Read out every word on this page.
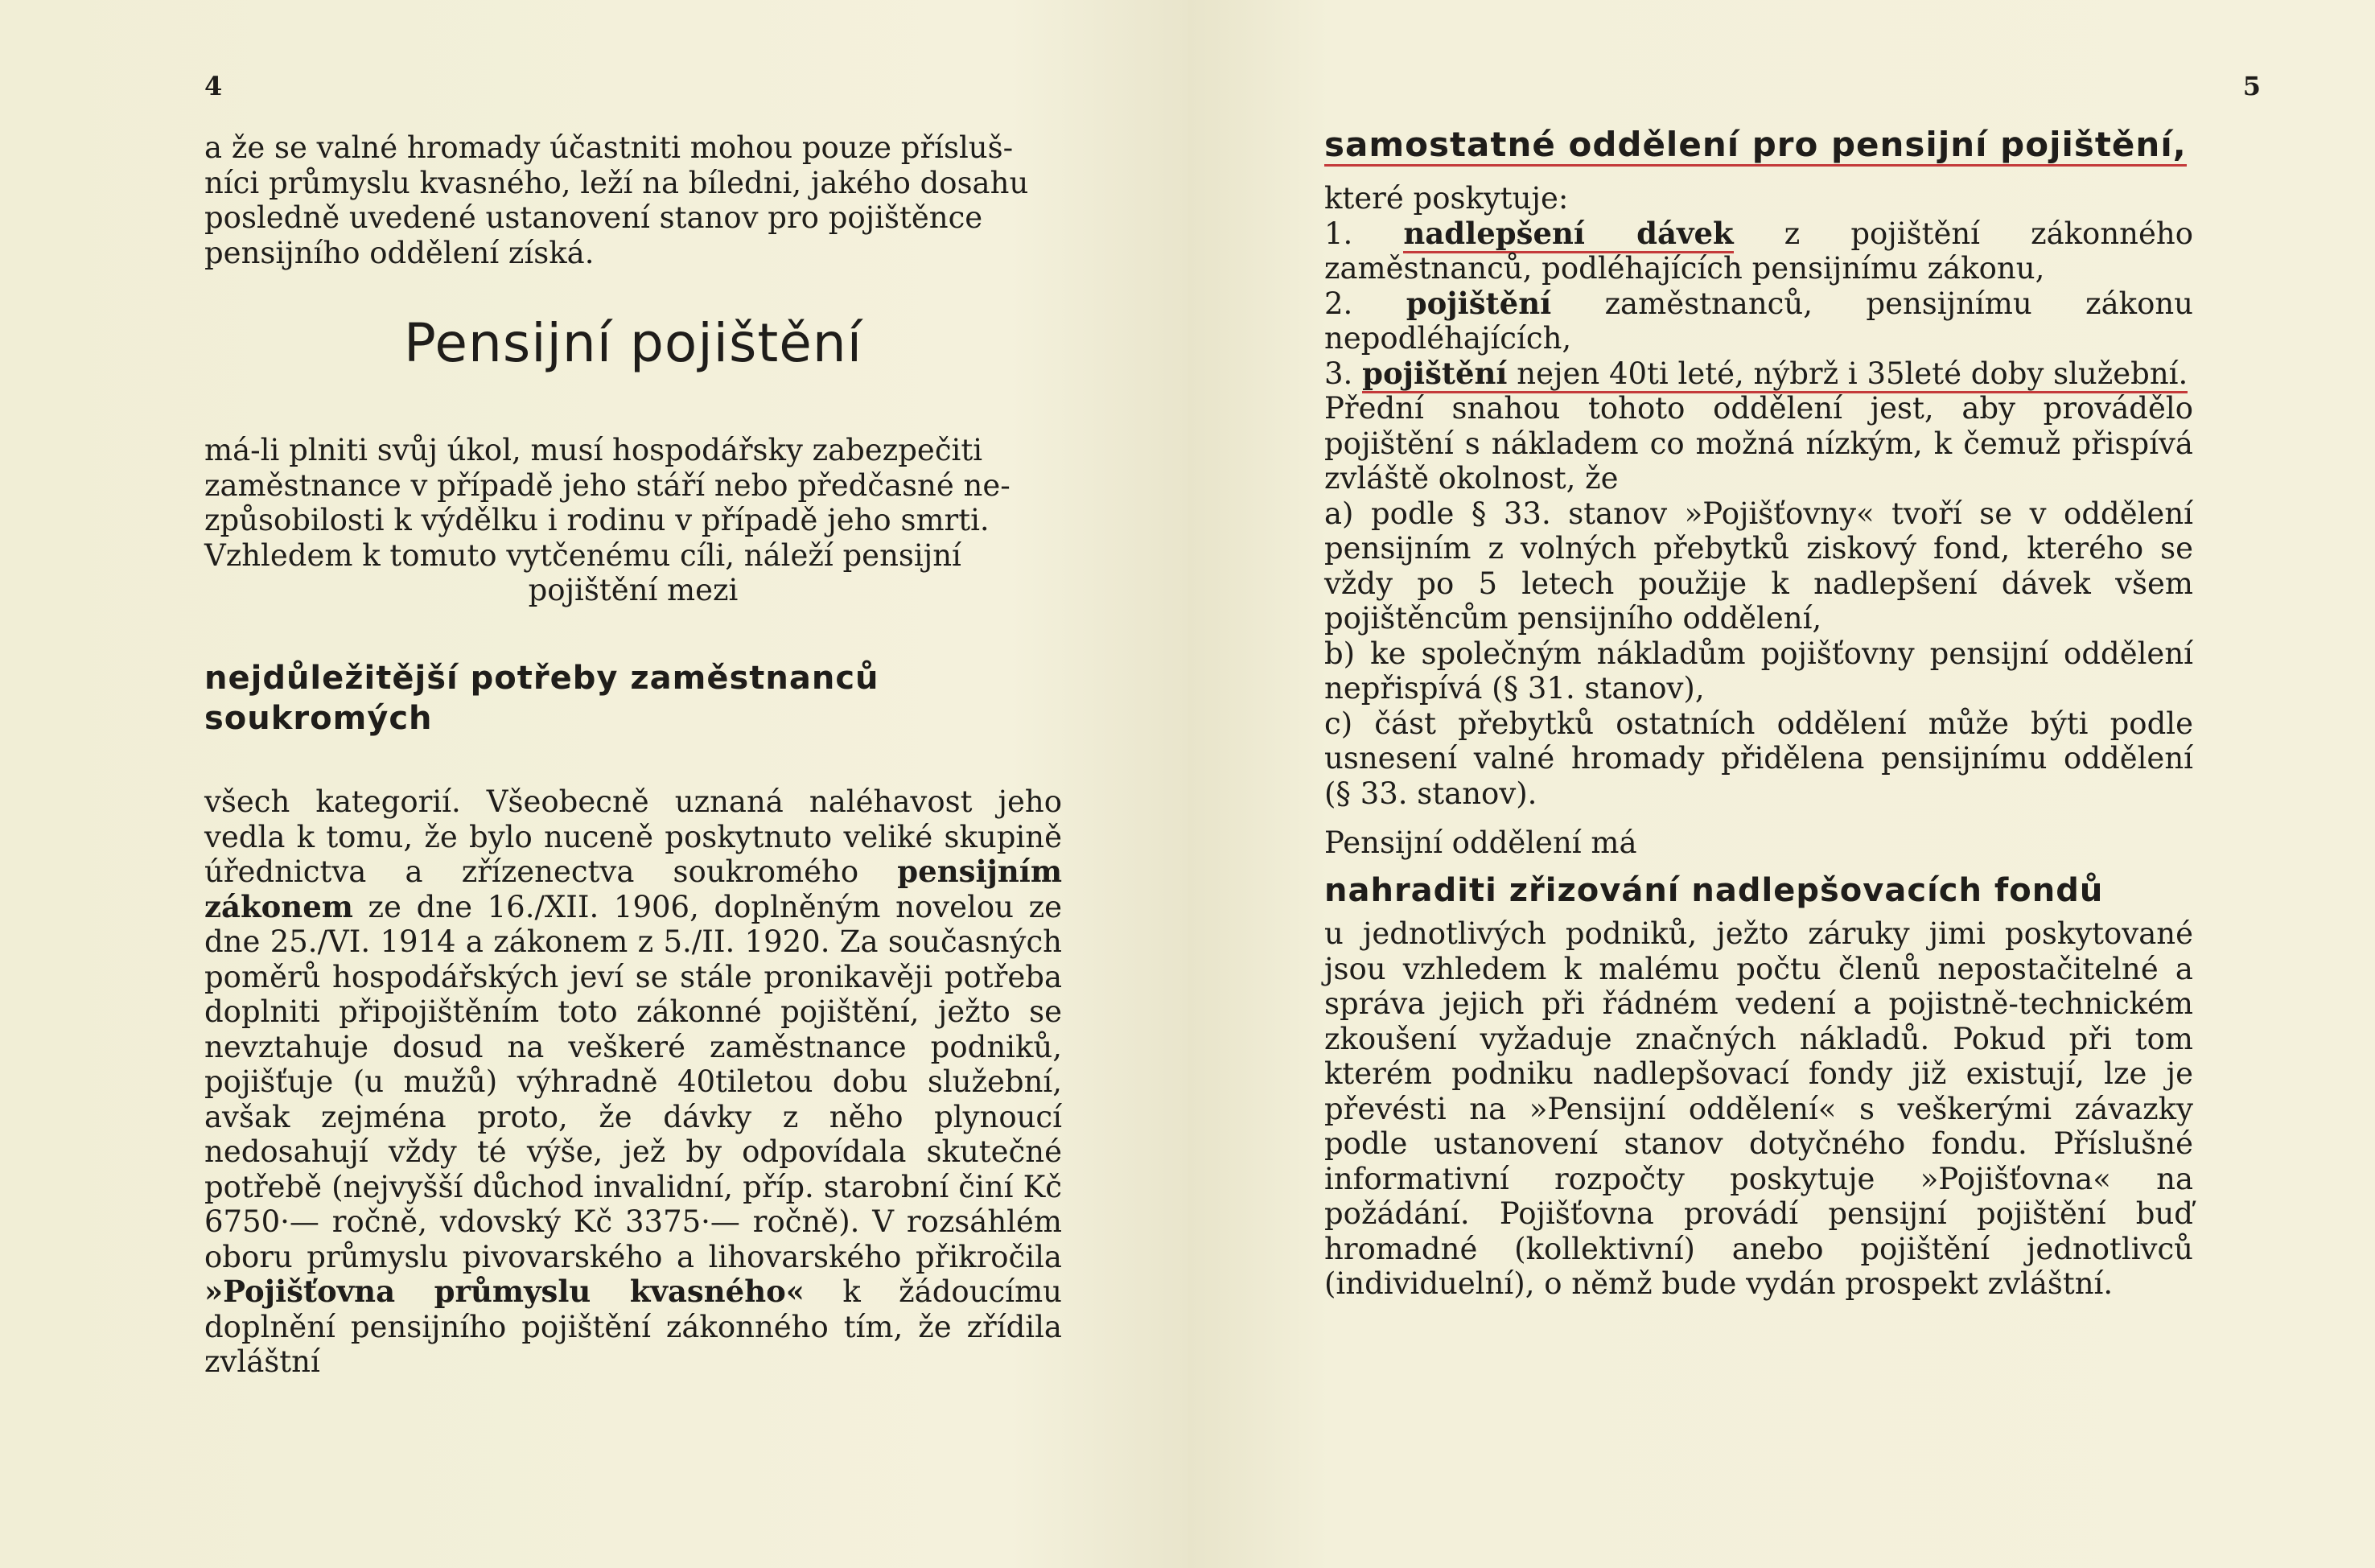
4

a že se valné hromady účastniti mohou pouze přísluš-

níci průmyslu kvasného, leží na bíledni, jakého dosahu

posledně uvedené ustanovení stanov pro pojištěnce

pensijního oddělení získá.

Pensijní pojištění

má-li plniti svůj úkol, musí hospodářsky zabezpečiti

zaměstnance v případě jeho stáří nebo předčasné ne-

způsobilosti k výdělku i rodinu v případě jeho smrti.

Vzhledem k tomuto vytčenému cíli, náleží pensijní

pojištění mezi

nejdůležitější potřeby zaměstnanců

soukromých

všech kategorií. Všeobecně uznaná naléhavost jeho vedla k tomu, že bylo nuceně poskytnuto veliké skupině úřednictva a zřízenectva soukromého pensijním zákonem ze dne 16./XII. 1906, doplněným novelou ze dne 25./VI. 1914 a zákonem z 5./II. 1920. Za současných poměrů hospodářských jeví se stále pronikavěji potřeba doplniti připojištěním toto zákonné pojištění, ježto se nevztahuje dosud na veškeré zaměstnance podniků, pojišťuje (u mužů) výhradně 40tiletou dobu služební, avšak zejména proto, že dávky z něho plynoucí nedosahují vždy té výše, jež by odpovídala skutečné potřebě (nejvyšší důchod invalidní, příp. starobní činí Kč 6750·— ročně, vdovský Kč 3375·— ročně). V rozsáhlém oboru průmyslu pivovarského a lihovarského přikročila »Pojišťovna průmyslu kvasného« k žádoucímu doplnění pensijního pojištění zákonného tím, že zřídila zvláštní

5

samostatné oddělení pro pensijní pojištění,

které poskytuje:

1. nadlepšení dávek z pojištění zákonného zaměstnanců, podléhajících pensijnímu zákonu,

2. pojištění zaměstnanců, pensijnímu zákonu nepodléhajících,

3. pojištění nejen 40ti leté, nýbrž i 35leté doby služební.

Přední snahou tohoto oddělení jest, aby provádělo pojištění s nákladem co možná nízkým, k čemuž přispívá zvláště okolnost, že

a) podle § 33. stanov »Pojišťovny« tvoří se v oddělení pensijním z volných přebytků ziskový fond, kterého se vždy po 5 letech použije k nadlepšení dávek všem pojištěncům pensijního oddělení,

b) ke společným nákladům pojišťovny pensijní oddělení nepřispívá (§ 31. stanov),

c) část přebytků ostatních oddělení může býti podle usnesení valné hromady přidělena pensijnímu oddělení (§ 33. stanov).

Pensijní oddělení má

nahraditi zřizování nadlepšovacích fondů

u jednotlivých podniků, ježto záruky jimi poskytované jsou vzhledem k malému počtu členů nepostačitelné a správa jejich při řádném vedení a pojistně-technickém zkoušení vyžaduje značných nákladů. Pokud při tom kterém podniku nadlepšovací fondy již existují, lze je převésti na »Pensijní oddělení« s veškerými závazky podle ustanovení stanov dotyčného fondu. Příslušné informativní rozpočty poskytuje »Pojišťovna« na požádání. Pojišťovna provádí pensijní pojištění buď hromadné (kollektivní) anebo pojištění jednotlivců (individuelní), o němž bude vydán prospekt zvláštní.
